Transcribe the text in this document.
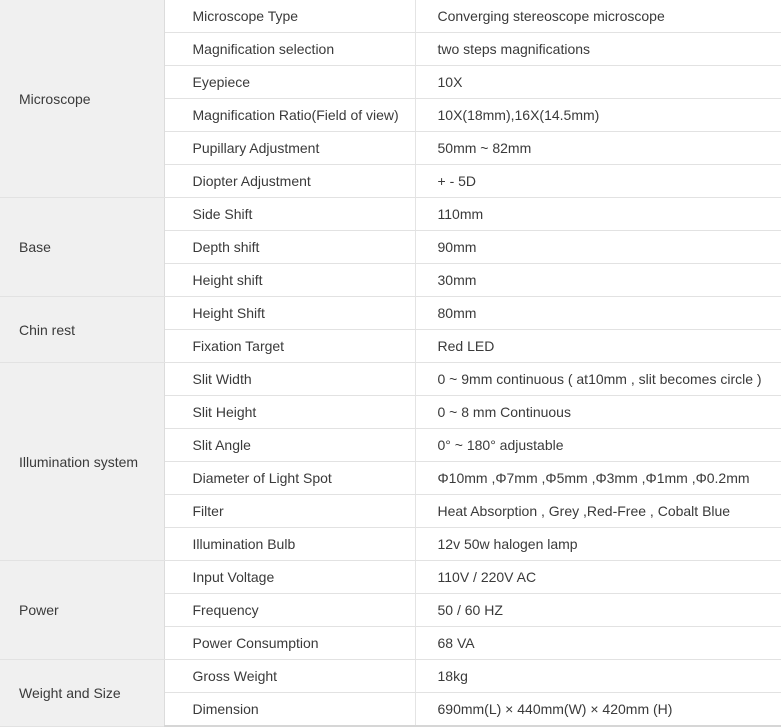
Microscope	Microscope Type	Converging stereoscope microscope
	Magnification selection	two steps magnifications
	Eyepiece	10X
	Magnification Ratio(Field of view)	10X(18mm),16X(14.5mm)
	Pupillary Adjustment	50mm ~ 82mm
	Diopter Adjustment	+ - 5D
Base	Side Shift	110mm
	Depth shift	90mm
	Height shift	30mm
Chin rest	Height Shift	80mm
	Fixation Target	Red LED
Illumination system	Slit Width	0 ~ 9mm continuous ( at10mm , slit becomes circle )
	Slit Height	0 ~ 8 mm Continuous
	Slit Angle	0° ~ 180° adjustable
	Diameter of Light Spot	Φ10mm ,Φ7mm ,Φ5mm ,Φ3mm ,Φ1mm ,Φ0.2mm
	Filter	Heat Absorption , Grey ,Red-Free , Cobalt Blue
	Illumination Bulb	12v 50w halogen lamp
Power	Input Voltage	110V / 220V AC
	Frequency	50 / 60 HZ
	Power Consumption	68 VA
Weight and Size	Gross Weight	18kg
	Dimension	690mm(L) × 440mm(W) × 420mm (H)
